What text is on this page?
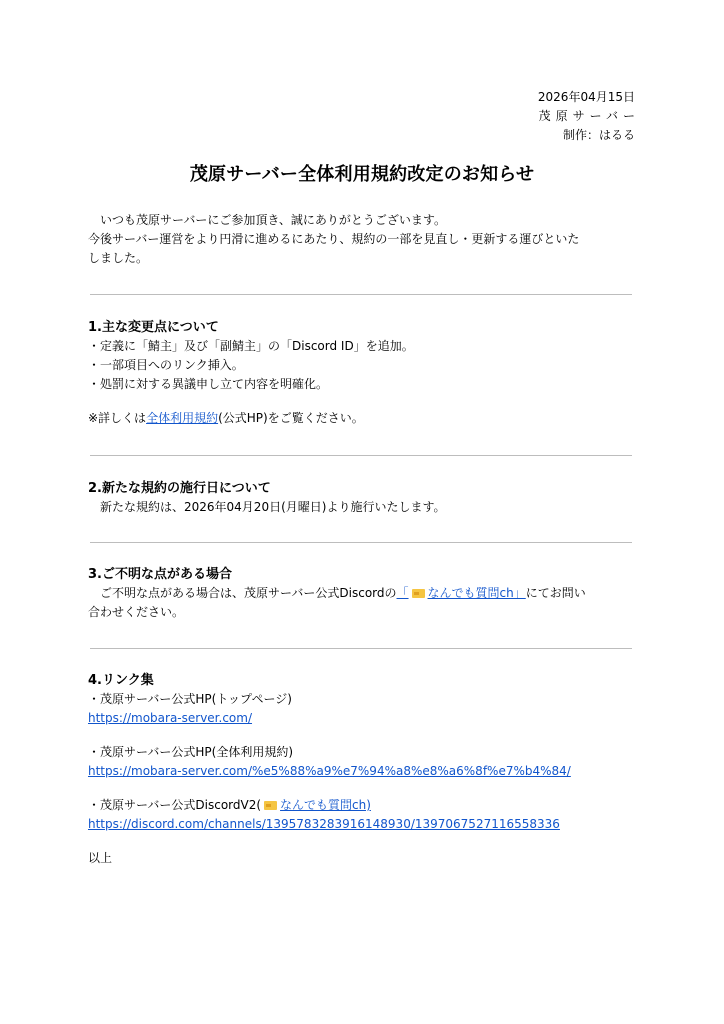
2026年04月15日
茂原サーバー
制作：はるる
茂原サーバー全体利用規約改定のお知らせ
いつも茂原サーバーにご参加頂き、誠にありがとうございます。
今後サーバー運営をより円滑に進めるにあたり、規約の一部を見直し・更新する運びといた
しました。
1.主な変更点について
・定義に「鯖主」及び「副鯖主」の「Discord ID」を追加。
・一部項目へのリンク挿入。
・処罰に対する異議申し立て内容を明確化。
※詳しくは全体利用規約(公式HP)をご覧ください。
2.新たな規約の施行日について
新たな規約は、2026年04月20日(月曜日)より施行いたします。
3.ご不明な点がある場合
ご不明な点がある場合は、茂原サーバー公式Discordの「 なんでも質問ch」にてお問い
合わせください。
4.リンク集
・茂原サーバー公式HP(トップページ)
https://mobara-server.com/
・茂原サーバー公式HP(全体利用規約)
https://mobara-server.com/%e5%88%a9%e7%94%a8%e8%a6%8f%e7%b4%84/
・茂原サーバー公式DiscordV2( なんでも質問ch)
https://discord.com/channels/1395783283916148930/1397067527116558336
以上
